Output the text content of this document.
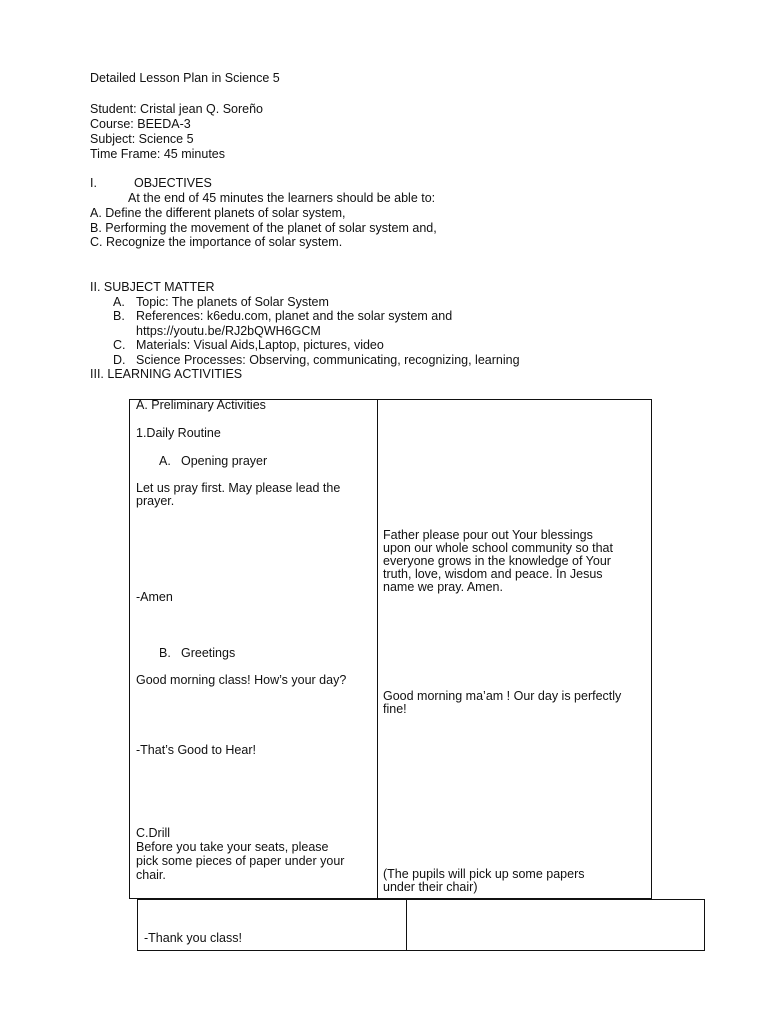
Detailed Lesson Plan in Science 5
Student: Cristal jean Q. Soreño
Course: BEEDA-3
Subject: Science 5
Time Frame: 45 minutes
I.	OBJECTIVES
At the end of 45 minutes the learners should be able to:
A. Define the different planets of solar system,
B. Performing the movement of the planet of solar system and,
C. Recognize the importance of solar system.
II. SUBJECT MATTER
A. Topic: The planets of Solar System
B. References: k6edu.com, planet and the solar system and
https://youtu.be/RJ2bQWH6GCM
C. Materials: Visual Aids,Laptop, pictures, video
D. Science Processes: Observing, communicating, recognizing, learning
III. LEARNING ACTIVITIES
A. Preliminary Activities
1.Daily Routine
A. Opening prayer
Let us pray first. May please lead the
prayer.
-Amen
B. Greetings
Good morning class! How’s your day?
-That’s Good to Hear!
C.Drill
Before you take your seats, please
pick some pieces of paper under your
chair.
Father please pour out Your blessings
upon our whole school community so that
everyone grows in the knowledge of Your
truth, love, wisdom and peace. In Jesus
name we pray. Amen.
Good morning ma’am ! Our day is perfectly
fine!
(The pupils will pick up some papers
under their chair)
-Thank you class!
